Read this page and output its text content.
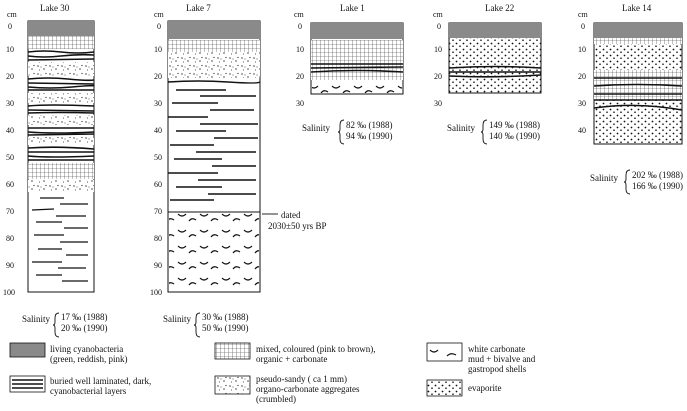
Lake 30
cm
0
10
20
30
40
50
60
70
80
90
100
Salinity 17 ‰ (1988)
20 ‰ (1990)
Lake 7
cm
0
10
20
30
40
50
60
70
80
90
100
dated
2030±50 yrs BP
Salinity 30 ‰ (1988)
50 ‰ (1990)
Lake 1
cm
0
10
20
30
Salinity 82 ‰ (1988)
94 ‰ (1990)
Lake 22
cm
0
10
20
30
Salinity 149 ‰ (1988)
140 ‰ (1990)
Lake 14
cm
0
10
20
30
40
Salinity 202 ‰ (1988)
166 ‰ (1990)
living cyanobacteria
(green, reddish, pink)
buried well laminated, dark,
cyanobacterial layers
mixed, coloured (pink to brown),
organic + carbonate
pseudo-sandy ( ca 1 mm)
organo-carbonate aggregates
(crumbled)
white carbonate
mud + bivalve and
gastropod shells
evaporite
